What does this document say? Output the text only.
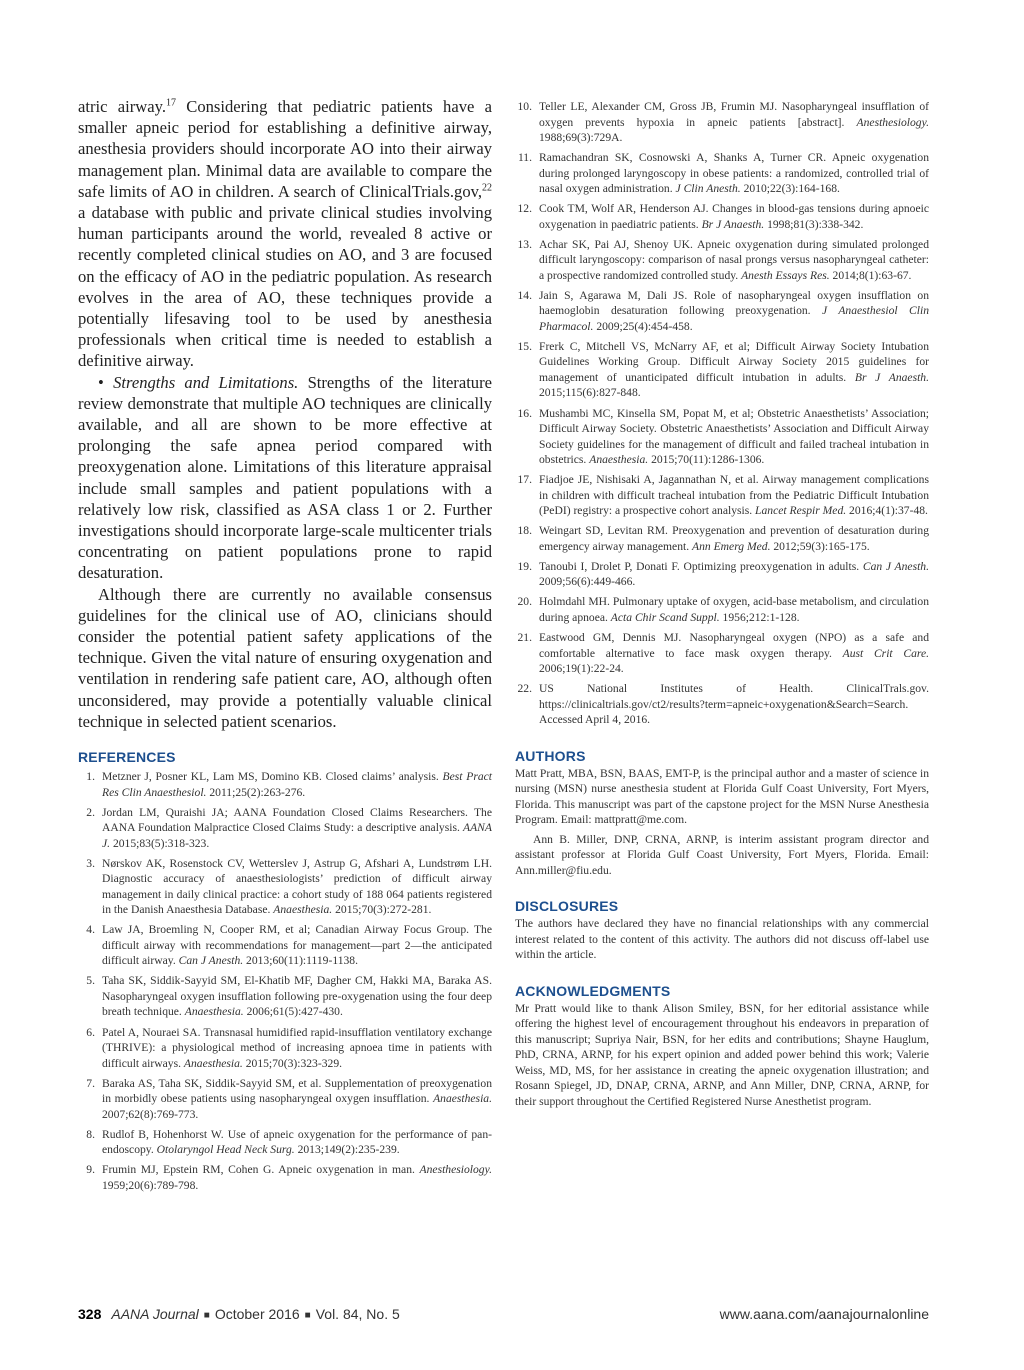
atric airway.$^{17}$ Considering that pediatric patients have a smaller apneic period for establishing a definitive airway, anesthesia providers should incorporate AO into their airway management plan. Minimal data are available to compare the safe limits of AO in children. A search of ClinicalTrials.gov,$^{22}$ a database with public and private clinical studies involving human participants around the world, revealed 8 active or recently completed clinical studies on AO, and 3 are focused on the efficacy of AO in the pediatric population. As research evolves in the area of AO, these techniques provide a potentially lifesaving tool to be used by anesthesia professionals when critical time is needed to establish a definitive airway.

• Strengths and Limitations. Strengths of the literature review demonstrate that multiple AO techniques are clinically available, and all are shown to be more effective at prolonging the safe apnea period compared with preoxygenation alone. Limitations of this literature appraisal include small samples and patient populations with a relatively low risk, classified as ASA class 1 or 2. Further investigations should incorporate large-scale multicenter trials concentrating on patient populations prone to rapid desaturation.

Although there are currently no available consensus guidelines for the clinical use of AO, clinicians should consider the potential patient safety applications of the technique. Given the vital nature of ensuring oxygenation and ventilation in rendering safe patient care, AO, although often unconsidered, may provide a potentially valuable clinical technique in selected patient scenarios.

REFERENCES
1. Metzner J, Posner KL, Lam MS, Domino KB. Closed claims’ analysis. Best Pract Res Clin Anaesthesiol. 2011;25(2):263-276.
2. Jordan LM, Quraishi JA; AANA Foundation Closed Claims Researchers. The AANA Foundation Malpractice Closed Claims Study: a descriptive analysis. AANA J. 2015;83(5):318-323.
3. Nørskov AK, Rosenstock CV, Wetterslev J, Astrup G, Afshari A, Lundstrøm LH. Diagnostic accuracy of anaesthesiologists’ prediction of difficult airway management in daily clinical practice: a cohort study of 188 064 patients registered in the Danish Anaesthesia Database. Anaesthesia. 2015;70(3):272-281.
4. Law JA, Broemling N, Cooper RM, et al; Canadian Airway Focus Group. The difficult airway with recommendations for management—part 2—the anticipated difficult airway. Can J Anesth. 2013;60(11):1119-1138.
5. Taha SK, Siddik-Sayyid SM, El-Khatib MF, Dagher CM, Hakki MA, Baraka AS. Nasopharyngeal oxygen insufflation following pre-oxygenation using the four deep breath technique. Anaesthesia. 2006;61(5):427-430.
6. Patel A, Nouraei SA. Transnasal humidified rapid-insufflation ventilatory exchange (THRIVE): a physiological method of increasing apnoea time in patients with difficult airways. Anaesthesia. 2015;70(3):323-329.
7. Baraka AS, Taha SK, Siddik-Sayyid SM, et al. Supplementation of preoxygenation in morbidly obese patients using nasopharyngeal oxygen insufflation. Anaesthesia. 2007;62(8):769-773.
8. Rudlof B, Hohenhorst W. Use of apneic oxygenation for the performance of pan-endoscopy. Otolaryngol Head Neck Surg. 2013;149(2):235-239.
9. Frumin MJ, Epstein RM, Cohen G. Apneic oxygenation in man. Anesthesiology. 1959;20(6):789-798.
10. Teller LE, Alexander CM, Gross JB, Frumin MJ. Nasopharyngeal insufflation of oxygen prevents hypoxia in apneic patients [abstract]. Anesthesiology. 1988;69(3):729A.
11. Ramachandran SK, Cosnowski A, Shanks A, Turner CR. Apneic oxygenation during prolonged laryngoscopy in obese patients: a randomized, controlled trial of nasal oxygen administration. J Clin Anesth. 2010;22(3):164-168.
12. Cook TM, Wolf AR, Henderson AJ. Changes in blood-gas tensions during apnoeic oxygenation in paediatric patients. Br J Anaesth. 1998;81(3):338-342.
13. Achar SK, Pai AJ, Shenoy UK. Apneic oxygenation during simulated prolonged difficult laryngoscopy: comparison of nasal prongs versus nasopharyngeal catheter: a prospective randomized controlled study. Anesth Essays Res. 2014;8(1):63-67.
14. Jain S, Agarawa M, Dali JS. Role of nasopharyngeal oxygen insufflation on haemoglobin desaturation following preoxygenation. J Anaesthesiol Clin Pharmacol. 2009;25(4):454-458.
15. Frerk C, Mitchell VS, McNarry AF, et al; Difficult Airway Society Intubation Guidelines Working Group. Difficult Airway Society 2015 guidelines for management of unanticipated difficult intubation in adults. Br J Anaesth. 2015;115(6):827-848.
16. Mushambi MC, Kinsella SM, Popat M, et al; Obstetric Anaesthetists’ Association; Difficult Airway Society. Obstetric Anaesthetists’ Association and Difficult Airway Society guidelines for the management of difficult and failed tracheal intubation in obstetrics. Anaesthesia. 2015;70(11):1286-1306.
17. Fiadjoe JE, Nishisaki A, Jagannathan N, et al. Airway management complications in children with difficult tracheal intubation from the Pediatric Difficult Intubation (PeDI) registry: a prospective cohort analysis. Lancet Respir Med. 2016;4(1):37-48.
18. Weingart SD, Levitan RM. Preoxygenation and prevention of desaturation during emergency airway management. Ann Emerg Med. 2012;59(3):165-175.
19. Tanoubi I, Drolet P, Donati F. Optimizing preoxygenation in adults. Can J Anesth. 2009;56(6):449-466.
20. Holmdahl MH. Pulmonary uptake of oxygen, acid-base metabolism, and circulation during apnoea. Acta Chir Scand Suppl. 1956;212:1-128.
21. Eastwood GM, Dennis MJ. Nasopharyngeal oxygen (NPO) as a safe and comfortable alternative to face mask oxygen therapy. Aust Crit Care. 2006;19(1):22-24.
22. US National Institutes of Health. ClinicalTrals.gov. https://clinicaltrials.gov/ct2/results?term=apneic+oxygenation&Search=Search. Accessed April 4, 2016.
AUTHORS

Matt Pratt, MBA, BSN, BAAS, EMT-P, is the principal author and a master of science in nursing (MSN) nurse anesthesia student at Florida Gulf Coast University, Fort Myers, Florida. This manuscript was part of the capstone project for the MSN Nurse Anesthesia Program. Email: mattpratt@me.com.

Ann B. Miller, DNP, CRNA, ARNP, is interim assistant program director and assistant professor at Florida Gulf Coast University, Fort Myers, Florida. Email: Ann.miller@fiu.edu.

DISCLOSURES

The authors have declared they have no financial relationships with any commercial interest related to the content of this activity. The authors did not discuss off-label use within the article.

ACKNOWLEDGMENTS

Mr Pratt would like to thank Alison Smiley, BSN, for her editorial assistance while offering the highest level of encouragement throughout his endeavors in preparation of this manuscript; Supriya Nair, BSN, for her edits and contributions; Shayne Hauglum, PhD, CRNA, ARNP, for his expert opinion and added power behind this work; Valerie Weiss, MD, MS, for her assistance in creating the apneic oxygenation illustration; and Rosann Spiegel, JD, DNAP, CRNA, ARNP, and Ann Miller, DNP, CRNA, ARNP, for their support throughout the Certified Registered Nurse Anesthetist program.

328 AANA Journal ■ October 2016 ■ Vol. 84, No. 5	www.aana.com/aanajournalonline
